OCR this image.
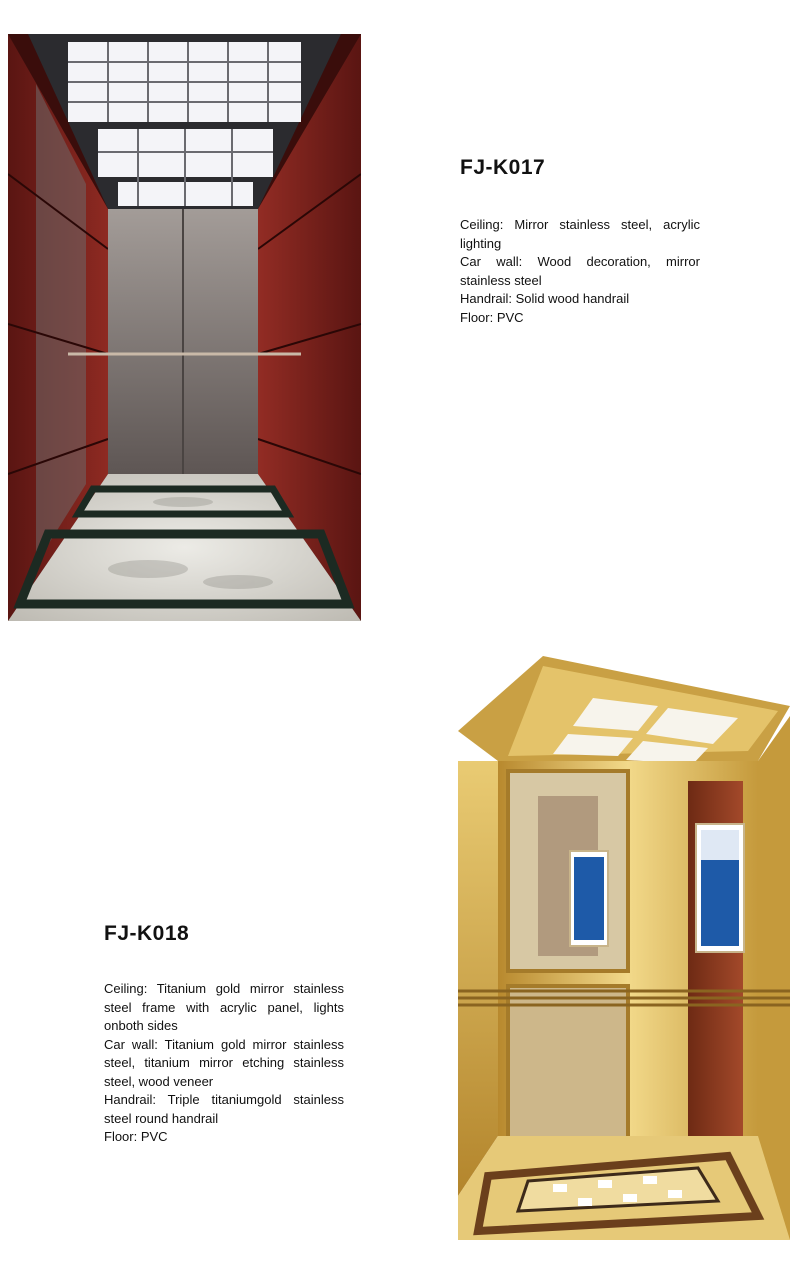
FJ-K017
Ceiling: Mirror stainless steel, acrylic lighting
Car wall: Wood decoration, mirror stainless steel
Handrail: Solid wood handrail
Floor: PVC
FJ-K018
Ceiling: Titanium gold mirror stainless steel frame with acrylic panel, lights onboth sides
Car wall: Titanium gold mirror stainless steel, titanium mirror etching stainless steel, wood veneer
Handrail: Triple titaniumgold stainless steel round handrail
Floor: PVC
